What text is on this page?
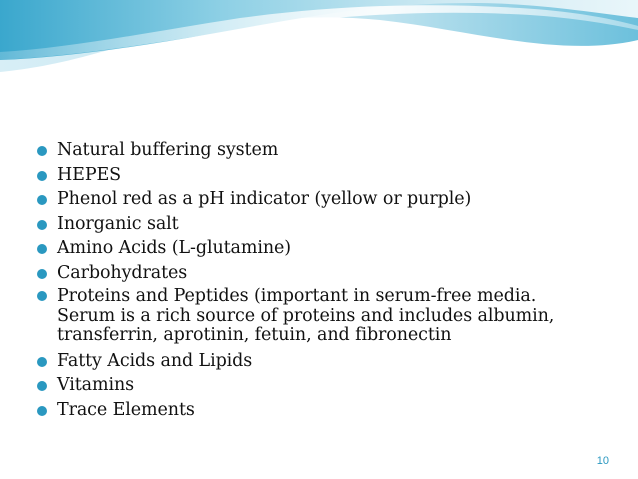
Natural buffering system
HEPES
Phenol red as a pH indicator (yellow or purple)
Inorganic salt
Amino Acids (L-glutamine)
Carbohydrates
Proteins and Peptides (important in serum-free media.
Serum is a rich source of proteins and includes albumin,
transferrin, aprotinin, fetuin, and fibronectin
Fatty Acids and Lipids
Vitamins
Trace Elements
10
